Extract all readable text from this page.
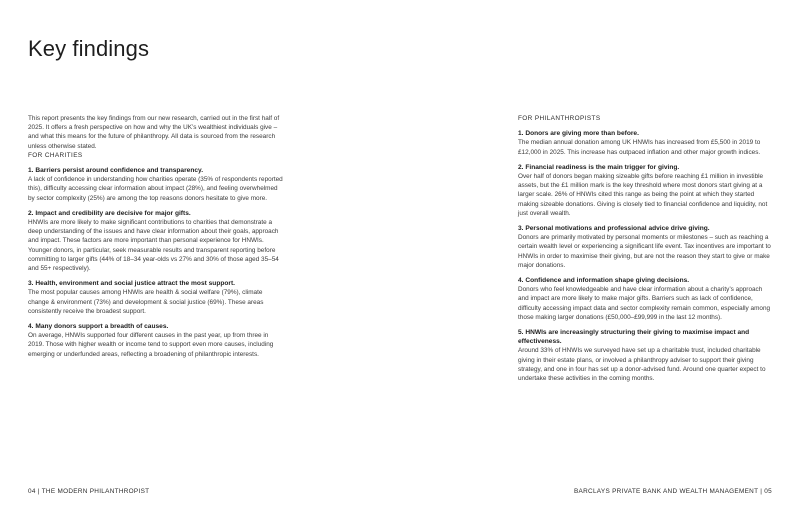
Key findings

This report presents the key findings from our new research, carried out in the first half of 2025. It offers a fresh perspective on how and why the UK’s wealthiest individuals give – and what this means for the future of philanthropy. All data is sourced from the research unless otherwise stated.

FOR CHARITIES

1. Barriers persist around confidence and transparency.

A lack of confidence in understanding how charities operate (35% of respondents reported this), difficulty accessing clear information about impact (28%), and feeling overwhelmed by sector complexity (25%) are among the top reasons donors hesitate to give more.

2. Impact and credibility are decisive for major gifts.

HNWIs are more likely to make significant contributions to charities that demonstrate a deep understanding of the issues and have clear information about their goals, approach and impact. These factors are more important than personal experience for HNWIs. Younger donors, in particular, seek measurable results and transparent reporting before committing to larger gifts (44% of 18–34 year-olds vs 27% and 30% of those aged 35–54 and 55+ respectively).

3. Health, environment and social justice attract the most support.

The most popular causes among HNWIs are health & social welfare (79%), climate change & environment (73%) and development & social justice (69%). These areas consistently receive the broadest support.

4. Many donors support a breadth of causes.

On average, HNWIs supported four different causes in the past year, up from three in 2019. Those with higher wealth or income tend to support even more causes, including emerging or underfunded areas, reflecting a broadening of philanthropic interests.

FOR PHILANTHROPISTS

1. Donors are giving more than before.

The median annual donation among UK HNWIs has increased from £5,500 in 2019 to £12,000 in 2025. This increase has outpaced inflation and other major growth indices.

2. Financial readiness is the main trigger for giving.

Over half of donors began making sizeable gifts before reaching £1 million in investible assets, but the £1 million mark is the key threshold where most donors start giving at a larger scale. 26% of HNWIs cited this range as being the point at which they started making sizeable donations. Giving is closely tied to financial confidence and liquidity, not just overall wealth.

3. Personal motivations and professional advice drive giving.

Donors are primarily motivated by personal moments or milestones – such as reaching a certain wealth level or experiencing a significant life event. Tax incentives are important to HNWIs in order to maximise their giving, but are not the reason they start to give or make major donations.

4. Confidence and information shape giving decisions.

Donors who feel knowledgeable and have clear information about a charity’s approach and impact are more likely to make major gifts. Barriers such as lack of confidence, difficulty accessing impact data and sector complexity remain common, especially among those making larger donations (£50,000–£99,999 in the last 12 months).

5. HNWIs are increasingly structuring their giving to maximise impact and effectiveness.

Around 33% of HNWIs we surveyed have set up a charitable trust, included charitable giving in their estate plans, or involved a philanthropy adviser to support their giving strategy, and one in four has set up a donor-advised fund. Around one quarter expect to undertake these activities in the coming months.

04 | THE MODERN PHILANTHROPIST	BARCLAYS PRIVATE BANK AND WEALTH MANAGEMENT | 05
